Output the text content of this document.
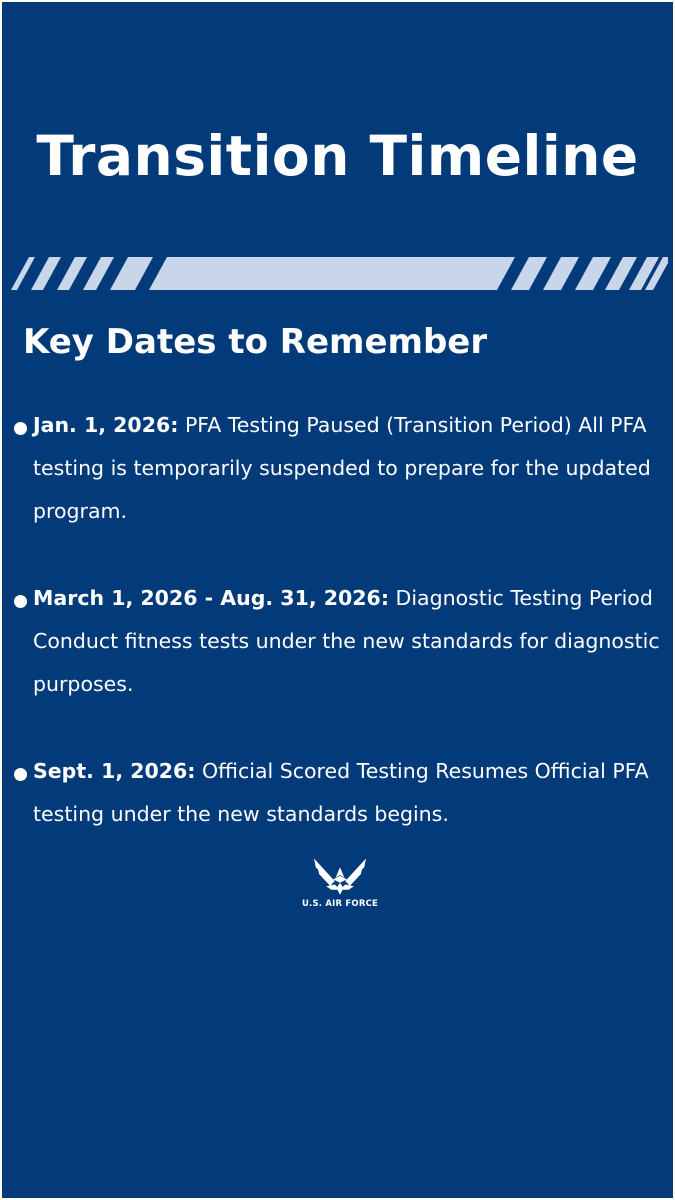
Transition Timeline
Key Dates to Remember
Jan. 1, 2026: PFA Testing Paused (Transition Period) All PFA testing is temporarily suspended to prepare for the updated program.
March 1, 2026 - Aug. 31, 2026: Diagnostic Testing Period Conduct fitness tests under the new standards for diagnostic purposes.
Sept. 1, 2026: Official Scored Testing Resumes Official PFA testing under the new standards begins.
U.S. AIR FORCE
